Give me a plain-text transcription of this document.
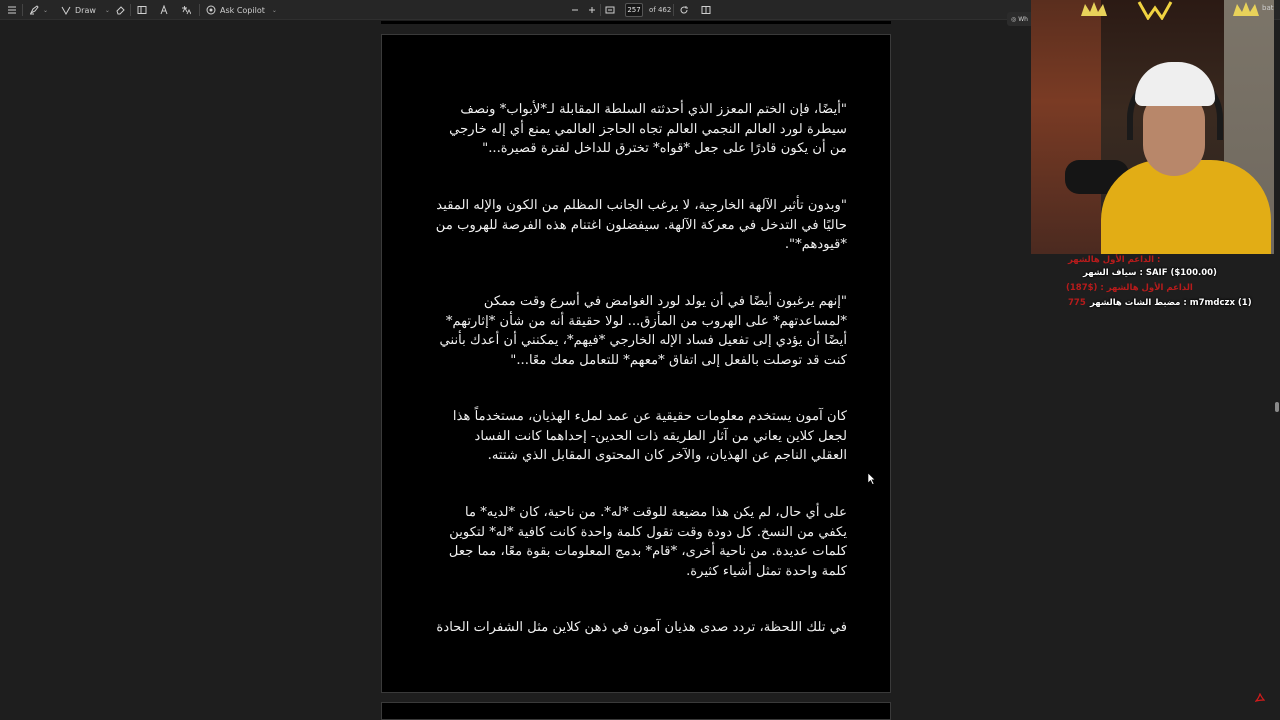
⌄	Draw ⌄	Ask Copilot ⌄
257	of 462

"أيضًا، فإن الختم المعزز الذي أحدثته السلطة المقابلة لـ*لأبواب* ونصف سيطرة لورد العالم النجمي العالم تجاه الحاجز العالمي يمنع أي إله خارجي من أن يكون قادرًا على جعل *قواه* تخترق للداخل لفترة قصيرة..."

"وبدون تأثير الآلهة الخارجية، لا يرغب الجانب المظلم من الكون والإله المقيد حاليًا في التدخل في معركة الآلهة. سيفضلون اغتنام هذه الفرصة للهروب من *قيودهم*".

"إنهم يرغبون أيضًا في أن يولد لورد الغوامض في أسرع وقت ممكن *لمساعدتهم* على الهروب من المأزق... لولا حقيقة أنه من شأن *إثارتهم* أيضًا أن يؤدي إلى تفعيل فساد الإله الخارجي *فيهم*، يمكنني أن أعدك بأنني كنت قد توصلت بالفعل إلى اتفاق *معهم* للتعامل معك معًا..."

كان آمون يستخدم معلومات حقيقية عن عمد لملء الهذيان، مستخدماً هذا لجعل كلاين يعاني من آثار الطريقه ذات الحدين- إحداهما كانت الفساد العقلي الناجم عن الهذيان، والآخر كان المحتوى المقابل الذي شتته.

على أي حال، لم يكن هذا مضيعة للوقت *له*. من ناحية، كان *لديه* ما يكفي من النسخ. كل دودة وقت تقول كلمة واحدة كانت كافية *له* لتكوين كلمات عديدة. من ناحية أخرى، *قام* بدمج المعلومات بقوة معًا، مما جعل كلمة واحدة تمثل أشياء كثيرة.

في تلك اللحظة، تردد صدى هذيان آمون في ذهن كلاين مثل الشفرات الحادة

◎ Wh
bat
الداعم الأول هالشهر :
سياف الشهر : SAIF ($100.00)
الداعم الأول هالشهر : ($187)
مضبط الشات هالشهر : m7mdczx (1)
775
